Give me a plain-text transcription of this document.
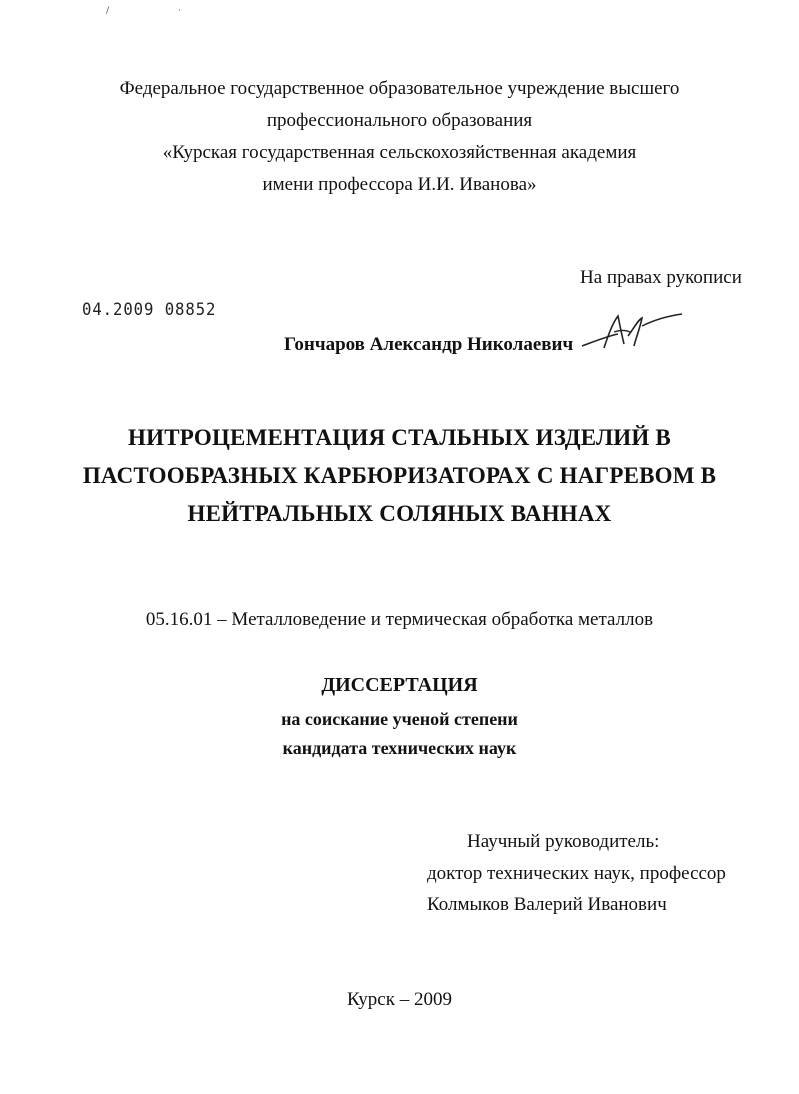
/	·
Федеральное государственное образовательное учреждение высшего
профессионального образования
«Курская государственная сельскохозяйственная академия
имени профессора И.И. Иванова»
На правах рукописи
04.2009 08852
Гончаров Александр Николаевич
НИТРОЦЕМЕНТАЦИЯ СТАЛЬНЫХ ИЗДЕЛИЙ В
ПАСТООБРАЗНЫХ КАРБЮРИЗАТОРАХ С НАГРЕВОМ В
НЕЙТРАЛЬНЫХ СОЛЯНЫХ ВАННАХ
05.16.01 – Металловедение и термическая обработка металлов
ДИССЕРТАЦИЯ
на соискание ученой степени
кандидата технических наук
Научный руководитель:
доктор технических наук, профессор
Колмыков Валерий Иванович
Курск – 2009
